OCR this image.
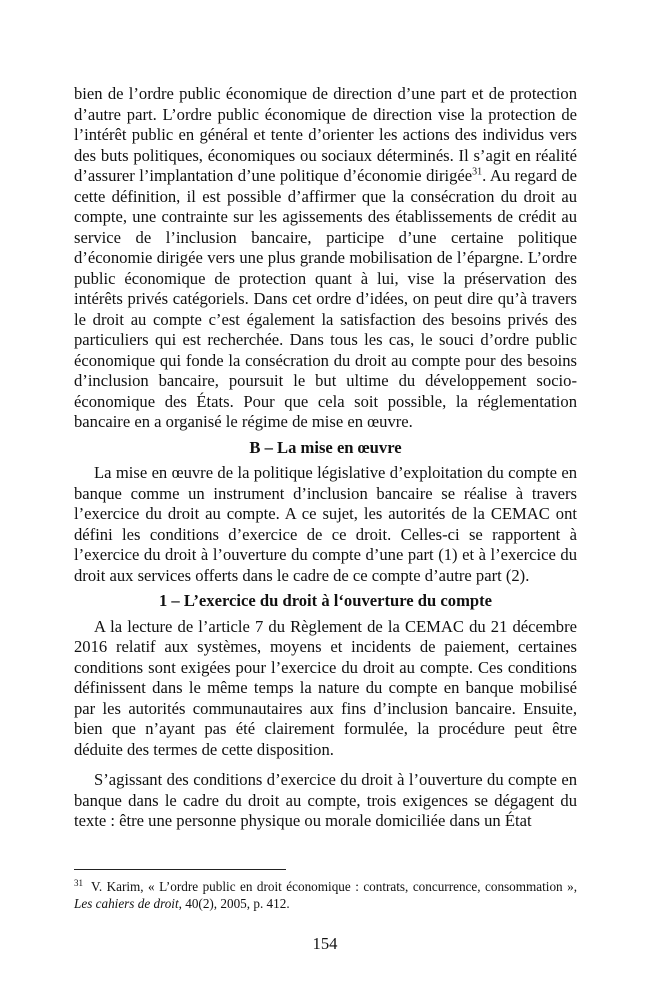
bien de l’ordre public économique de direction d’une part et de protection d’autre part. L’ordre public économique de direction vise la protection de l’intérêt public en général et tente d’orienter les actions des individus vers des buts politiques, économiques ou sociaux déterminés. Il s’agit en réalité d’assurer l’implantation d’une politique d’économie dirigée$^{31}$. Au regard de cette définition, il est possible d’affirmer que la consécration du droit au compte, une contrainte sur les agissements des établissements de crédit au service de l’inclusion bancaire, participe d’une certaine politique d’économie dirigée vers une plus grande mobilisation de l’épargne. L’ordre public économique de protection quant à lui, vise la préservation des intérêts privés catégoriels. Dans cet ordre d’idées, on peut dire qu’à travers le droit au compte c’est également la satisfaction des besoins privés des particuliers qui est recherchée. Dans tous les cas, le souci d’ordre public économique qui fonde la consécration du droit au compte pour des besoins d’inclusion bancaire, poursuit le but ultime du développement socio-économique des États. Pour que cela soit possible, la réglementation bancaire en a organisé le régime de mise en œuvre.

B – La mise en œuvre

La mise en œuvre de la politique législative d’exploitation du compte en banque comme un instrument d’inclusion bancaire se réalise à travers l’exercice du droit au compte. A ce sujet, les autorités de la CEMAC ont défini les conditions d’exercice de ce droit. Celles-ci se rapportent à l’exercice du droit à l’ouverture du compte d’une part (1) et à l’exercice du droit aux services offerts dans le cadre de ce compte d’autre part (2).

1 – L’exercice du droit à l‘ouverture du compte

A la lecture de l’article 7 du Règlement de la CEMAC du 21 décembre 2016 relatif aux systèmes, moyens et incidents de paiement, certaines conditions sont exigées pour l’exercice du droit au compte. Ces conditions définissent dans le même temps la nature du compte en banque mobilisé par les autorités communautaires aux fins d’inclusion bancaire. Ensuite, bien que n’ayant pas été clairement formulée, la procédure peut être déduite des termes de cette disposition.

S’agissant des conditions d’exercice du droit à l’ouverture du compte en banque dans le cadre du droit au compte, trois exigences se dégagent du texte : être une personne physique ou morale domiciliée dans un État

$^{31}$ V. Karim, « L’ordre public en droit économique : contrats, concurrence, consommation », Les cahiers de droit, 40(2), 2005, p. 412.
154
